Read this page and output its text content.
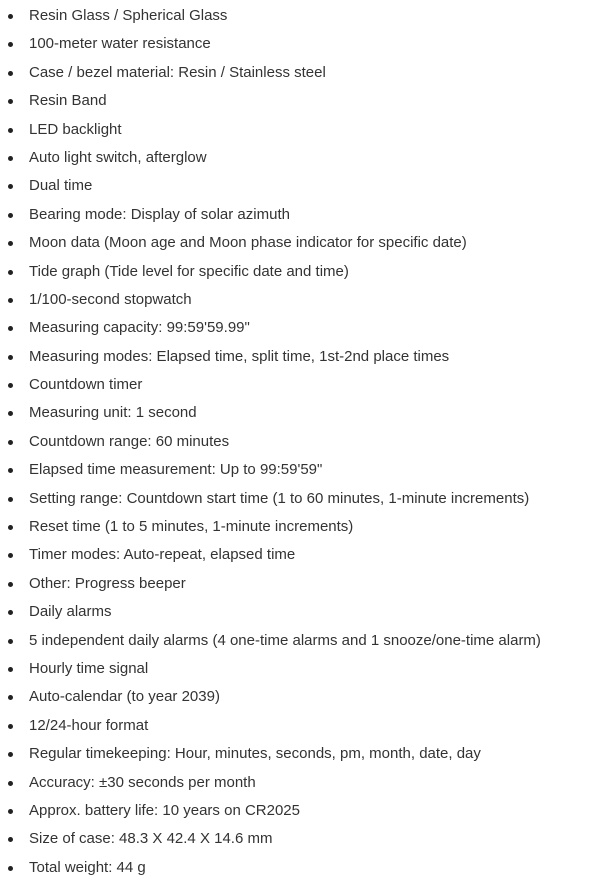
Resin Glass / Spherical Glass
100-meter water resistance
Case / bezel material: Resin / Stainless steel
Resin Band
LED backlight
Auto light switch, afterglow
Dual time
Bearing mode: Display of solar azimuth
Moon data (Moon age and Moon phase indicator for specific date)
Tide graph (Tide level for specific date and time)
1/100-second stopwatch
Measuring capacity: 99:59'59.99"
Measuring modes: Elapsed time, split time, 1st-2nd place times
Countdown timer
Measuring unit: 1 second
Countdown range: 60 minutes
Elapsed time measurement: Up to 99:59'59"
Setting range: Countdown start time (1 to 60 minutes, 1-minute increments)
Reset time (1 to 5 minutes, 1-minute increments)
Timer modes: Auto-repeat, elapsed time
Other: Progress beeper
Daily alarms
5 independent daily alarms (4 one-time alarms and 1 snooze/one-time alarm)
Hourly time signal
Auto-calendar (to year 2039)
12/24-hour format
Regular timekeeping: Hour, minutes, seconds, pm, month, date, day
Accuracy: ±30 seconds per month
Approx. battery life: 10 years on CR2025
Size of case: 48.3 X 42.4 X 14.6 mm
Total weight: 44 g
